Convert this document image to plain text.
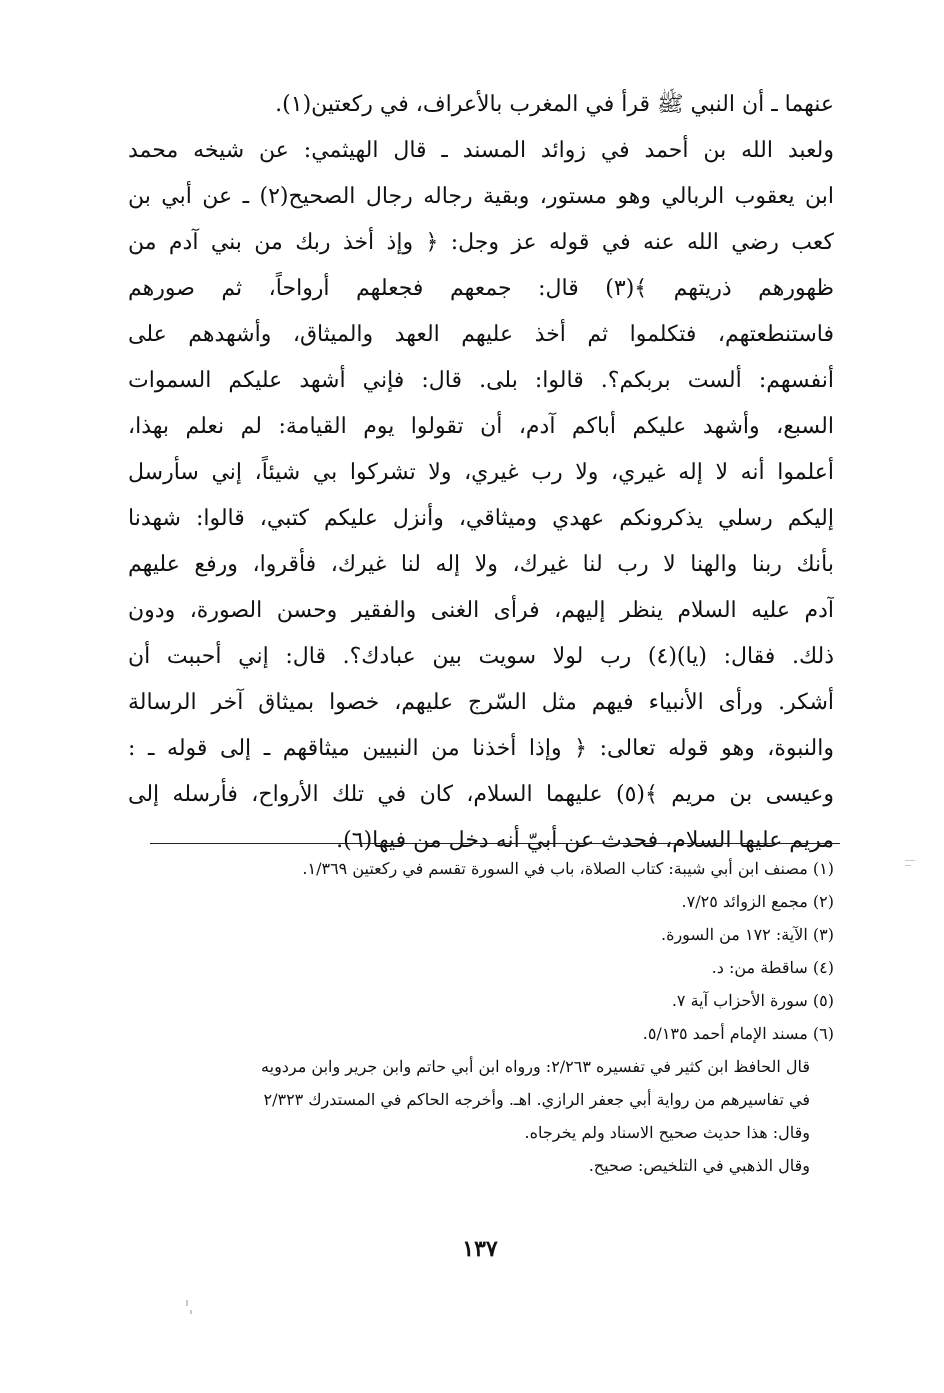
عنهما ـ أن النبي ﷺ قرأ في المغرب بالأعراف، في ركعتين(١).
ولعبد الله بن أحمد في زوائد المسند ـ قال الهيثمي: عن شيخه محمد
ابن يعقوب الربالي وهو مستور، وبقية رجاله رجال الصحيح(٢) ـ عن أبي بن
كعب رضي الله عنه في قوله عز وجل: ﴿ وإذ أخذ ربك من بني آدم من
ظهورهم ذريتهم ﴾(٣) قال: جمعهم فجعلهم أرواحاً، ثم صورهم
فاستنطعتهم، فتكلموا ثم أخذ عليهم العهد والميثاق، وأشهدهم على
أنفسهم: ألست بربكم؟. قالوا: بلى. قال: فإني أشهد عليكم السموات
السبع، وأشهد عليكم أباكم آدم، أن تقولوا يوم القيامة: لم نعلم بهذا،
أعلموا أنه لا إله غيري، ولا رب غيري، ولا تشركوا بي شيئاً، إني سأرسل
إليكم رسلي يذكرونكم عهدي وميثاقي، وأنزل عليكم كتبي، قالوا: شهدنا
بأنك ربنا والهنا لا رب لنا غيرك، ولا إله لنا غيرك، فأقروا، ورفع عليهم
آدم عليه السلام ينظر إليهم، فرأى الغنى والفقير وحسن الصورة، ودون
ذلك. فقال: (يا)(٤) رب لولا سويت بين عبادك؟. قال: إني أحببت أن
أشكر. ورأى الأنبياء فيهم مثل السّرج عليهم، خصوا بميثاق آخر الرسالة
والنبوة، وهو قوله تعالى: ﴿ وإذا أخذنا من النبيين ميثاقهم ـ إلى قوله ـ :
وعيسى بن مريم ﴾(٥) عليهما السلام، كان في تلك الأرواح، فأرسله إلى
مريم عليها السلام، فحدث عن أبيّ أنه دخل من فيها(٦).
(١) مصنف ابن أبي شيبة: كتاب الصلاة، باب في السورة تقسم في ركعتين ١/٣٦٩.
(٢) مجمع الزوائد ٧/٢٥.
(٣) الآية: ١٧٢ من السورة.
(٤) ساقطة من: د.
(٥) سورة الأحزاب آية ٧.
(٦) مسند الإمام أحمد ٥/١٣٥.
قال الحافظ ابن كثير في تفسيره ٢/٢٦٣: ورواه ابن أبي حاتم وابن جرير وابن مردويه
في تفاسيرهم من رواية أبي جعفر الرازي. اهـ. وأخرجه الحاكم في المستدرك ٢/٣٢٣
وقال: هذا حديث صحيح الاسناد ولم يخرجاه.
وقال الذهبي في التلخيص: صحيح.
١٣٧
